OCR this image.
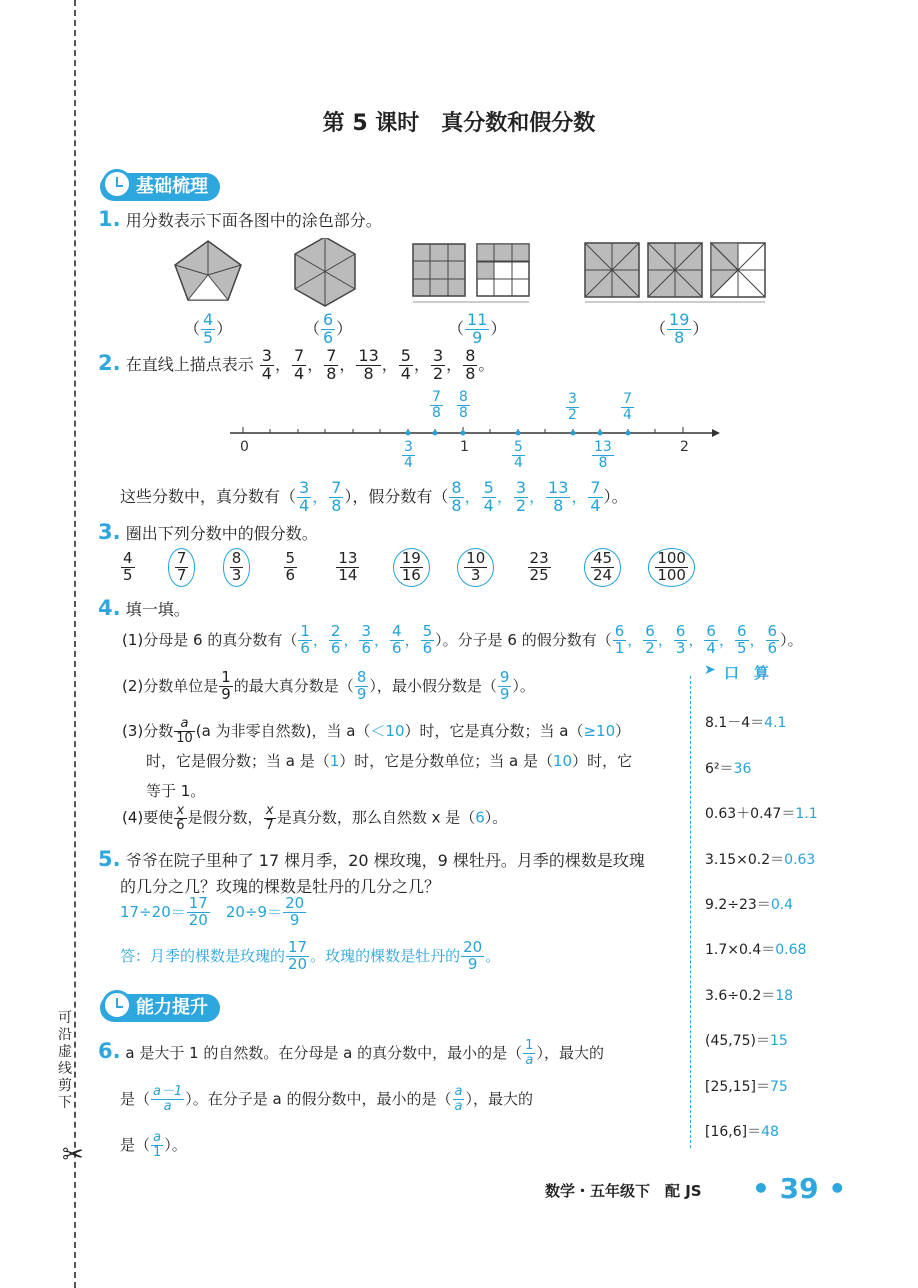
可沿虚线剪下
✂
第 5 课时　真分数和假分数
基础梳理
1. 用分数表示下面各图中的涂色部分。
（ $\frac{4}{5}$ ）	（ $\frac{6}{6}$ ）	（ $\frac{11}{9}$ ）	（ $\frac{19}{8}$ ）
2. 在直线上描点表示 $\frac{3}{4}$ ， $\frac{7}{4}$ ， $\frac{7}{8}$ ， $\frac{13}{8}$ ， $\frac{5}{4}$ ， $\frac{3}{2}$ ， $\frac{8}{8}$ 。
0	1	2
$\frac{7}{8} \frac{8}{8}$	$\frac{3}{2}$	$\frac{7}{4}$
$\frac{3}{4}$	$\frac{5}{4}$	$\frac{13}{8}$
这些分数中，真分数有（ $\frac{3}{4}$ ， $\frac{7}{8}$ ），假分数有（ $\frac{8}{8}$ ， $\frac{5}{4}$ ， $\frac{3}{2}$ ， $\frac{13}{8}$ ， $\frac{7}{4}$ ）。
3. 圈出下列分数中的假分数。
$\frac{4}{5} \frac{7}{7}$	$\frac{8}{3} \frac{5}{6} \frac{13}{14} \frac{19}{16}$	$\frac{10}{3} \frac{23}{25} \frac{45}{24}$	$\frac{100}{100}$
4. 填一填。
(1)分母是 6 的真分数有（ $\frac{1}{6}$ ， $\frac{2}{6}$ ， $\frac{3}{6}$ ， $\frac{4}{6}$ ， $\frac{5}{6}$ ）。分子是 6 的假分数有（ $\frac{6}{1}$ ， $\frac{6}{2}$ ， $\frac{6}{3}$ ， $\frac{6}{4}$ ， $\frac{6}{5}$ ， $\frac{6}{6}$ ）。
➤ 口　算
(2)分数单位是 $\frac{1}{9}$ 的最大真分数是（ $\frac{8}{9}$ ），最小假分数是（ $\frac{9}{9}$ ）。
(3)分数 $\frac{a}{10} (a$ 为非零自然数)，当 a（＜10）时，它是真分数；当 a（≥10）
时，它是假分数；当 a 是（1）时，它是分数单位；当 a 是（10）时，它
等于 1。
(4)要使 $\frac{x}{6}$ 是假分数， $\frac{x}{7}$ 是真分数，那么自然数 x 是（6）。
5. 爷爷在院子里种了 17 棵月季，20 棵玫瑰，9 棵牡丹。月季的棵数是玫瑰
的几分之几？玫瑰的棵数是牡丹的几分之几？
$17\div 20= \frac{17}{20}$
　 $20\div 9= \frac{20}{9}$
答：月季的棵数是玫瑰的 $\frac{17}{20}$ 。玫瑰的棵数是牡丹的 $\frac{20}{9}$ 。
能力提升
6. a 是大于 1 的自然数。在分母是 a 的真分数中，最小的是（ $\frac{1}{a}$ ），最大的
是（ $\frac{a-1}{a}$ ）。在分子是 a 的假分数中，最小的是（ $\frac{a}{a}$ ），最大的
是（ $\frac{a}{1}$ ）。
8.1－4＝4.1
6²＝36
0.63＋0.47＝1.1
3.15×0.2＝0.63
9.2÷23＝0.4
1.7×0.4＝0.68
3.6÷0.2＝18
(45,75)＝15
[25,15]＝75
[16,6]＝48
数学・五年级下　配 JS • 39 •
